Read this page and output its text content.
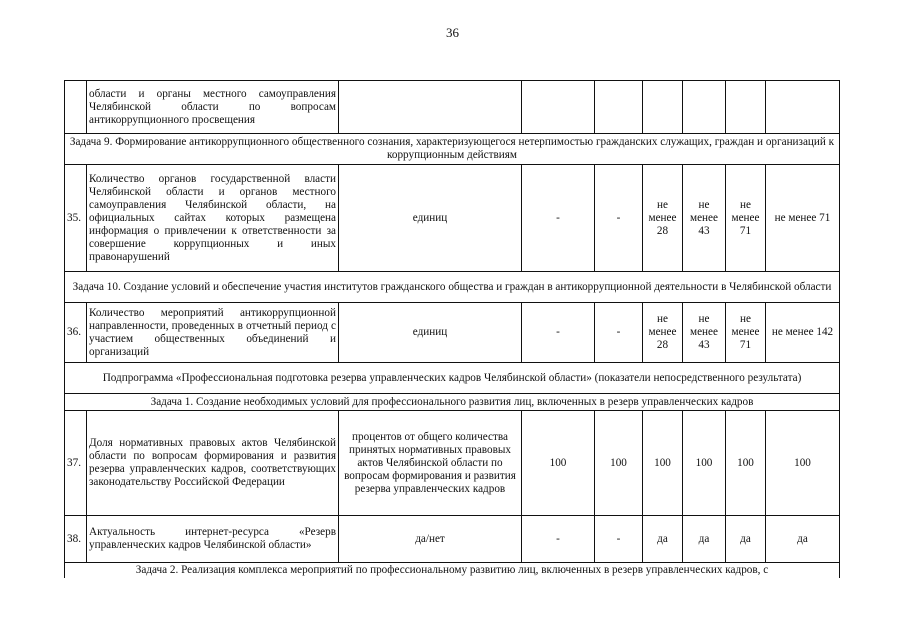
36
	области и органы местного самоуправления Челябинской области по вопросам антикоррупционного просвещения							
Задача 9. Формирование антикоррупционного общественного сознания, характеризующегося нетерпимостью гражданских служащих, граждан и организаций к коррупционным действиям								
35.	Количество органов государственной власти Челябинской области и органов местного самоуправления Челябинской области, на официальных сайтах которых размещена информация о привлечении к ответственности за совершение коррупционных и иных правонарушений	единиц	-	-	не менее 28	не менее 43	не менее 71	не менее 71
Задача 10. Создание условий и обеспечение участия институтов гражданского общества и граждан в антикоррупционной деятельности в Челябинской области								
36.	Количество мероприятий антикоррупционной направленности, проведенных в отчетный период с участием общественных объединений и организаций	единиц	-	-	не менее 28	не менее 43	не менее 71	не менее 142
Подпрограмма «Профессиональная подготовка резерва управленческих кадров Челябинской области» (показатели непосредственного результата)								
Задача 1. Создание необходимых условий для профессионального развития лиц, включенных в резерв управленческих кадров								
37.	Доля нормативных правовых актов Челябинской области по вопросам формирования и развития резерва управленческих кадров, соответствующих законодательству Российской Федерации	процентов от общего количества принятых нормативных правовых актов Челябинской области по вопросам формирования и развития резерва управленческих кадров	100	100	100	100	100	100
38.	Актуальность интернет-ресурса «Резерв управленческих кадров Челябинской области»	да/нет	-	-	да	да	да	да
Задача 2. Реализация комплекса мероприятий по профессиональному развитию лиц, включенных в резерв управленческих кадров, с								
